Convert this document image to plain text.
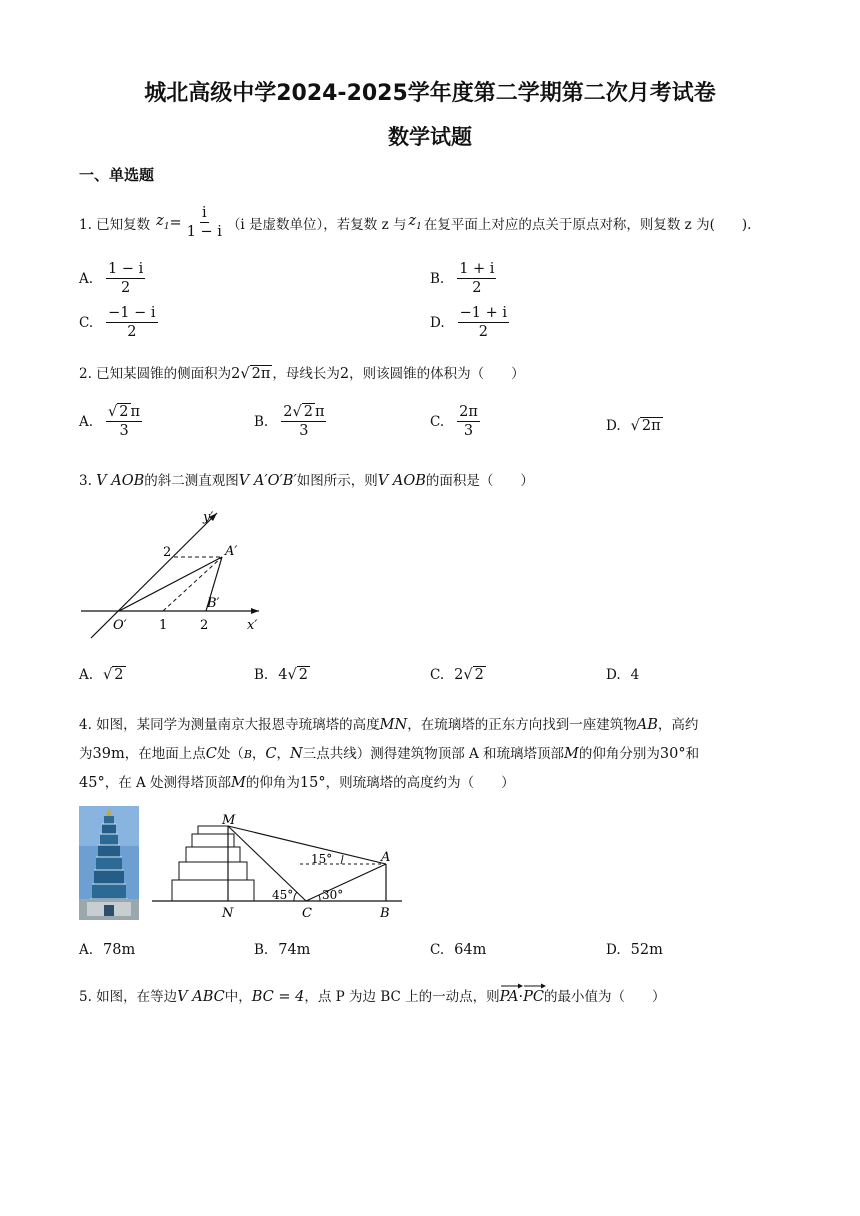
城北高级中学2024-2025学年度第二学期第二次月考试卷
数学试题
一、单选题
1. 已知复数 $z_1 = \frac{i}{1 - i} (i$ 是虚数单位），若复数 z 与 $z_1$ 在复平面上对应的点关于原点对称，则复数 z 为(　　).
A. $\frac{1 - i}{2}$	B. $\frac{1 + i}{2}$
C. $\frac{-1 - i}{2}$	D. $\frac{-1 + i}{2}$
2. 已知某圆锥的侧面积为2√ 2π ，母线长为2，则该圆锥的体积为（　　）
A. $\frac{√ 2 \pi}{3}$	B. $\frac{2√ 2 \pi}{3}$	C. $\frac{2\pi}{3}$	D. √ 2π
3. V AOB的斜二测直观图V A′O′B′如图所示，则V AOB的面积是（　　）
y′
x′
O′
A′
B′
2
1	2
A. √ 2	B. 4√ 2	C. 2√ 2	D. 4
4. 如图，某同学为测量南京大报恩寺琉璃塔的高度MN，在琉璃塔的正东方向找到一座建筑物AB，高约
为39m，在地面上点C处（B，C，N三点共线）测得建筑物顶部 A 和琉璃塔顶部M的仰角分别为30°和
45°，在 A 处测得塔顶部M的仰角为15°，则琉璃塔的高度约为（　　）
M
A
N	C	B
45° 30°
15°
A. 78m	B. 74m	C. 64m	D. 52m
5. 如图，在等边 V ABC 中， BC = 4 ，点 P 为边 BC 上的一动点，则 PA · PC 的最小值为（　　）
